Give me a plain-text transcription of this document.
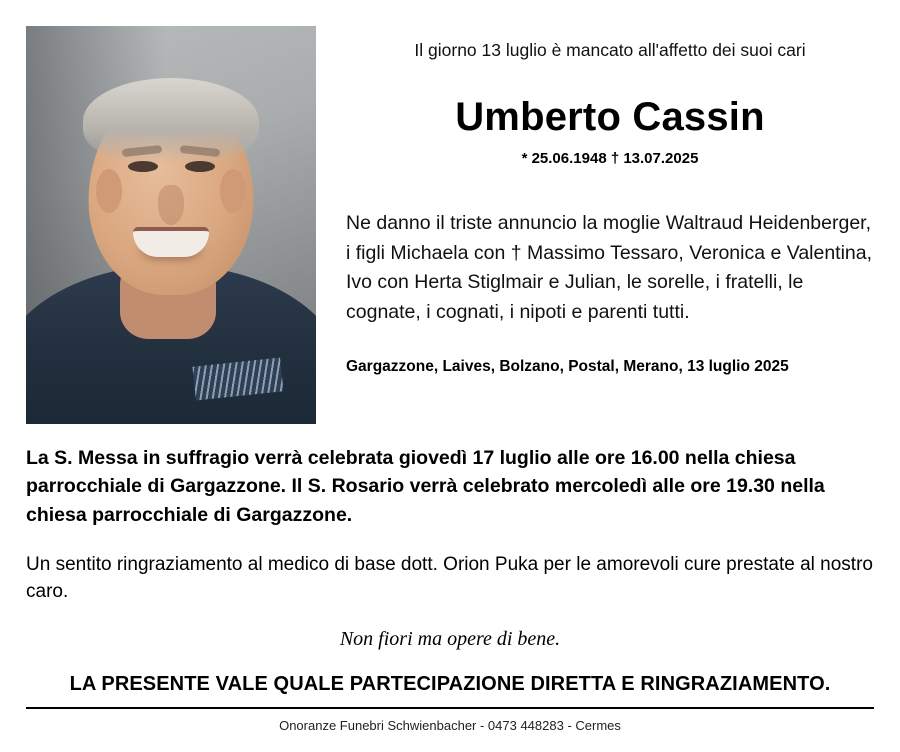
Il giorno 13 luglio è mancato all'affetto dei suoi cari
Umberto Cassin
* 25.06.1948 † 13.07.2025
Ne danno il triste annuncio la moglie Waltraud Heidenberger, i figli Michaela con † Massimo Tessaro, Veronica e Valentina, Ivo con Herta Stiglmair e Julian, le sorelle, i fratelli, le cognate, i cognati, i nipoti e parenti tutti.
Gargazzone, Laives, Bolzano, Postal, Merano, 13 luglio 2025
La S. Messa in suffragio verrà celebrata giovedì 17 luglio alle ore 16.00 nella chiesa parrocchiale di Gargazzone. Il S. Rosario verrà celebrato mercoledì alle ore 19.30 nella chiesa parrocchiale di Gargazzone.
Un sentito ringraziamento al medico di base dott. Orion Puka per le amorevoli cure prestate al nostro caro.
Non fiori ma opere di bene.
LA PRESENTE VALE QUALE PARTECIPAZIONE DIRETTA E RINGRAZIAMENTO.
Onoranze Funebri Schwienbacher - 0473 448283 - Cermes
